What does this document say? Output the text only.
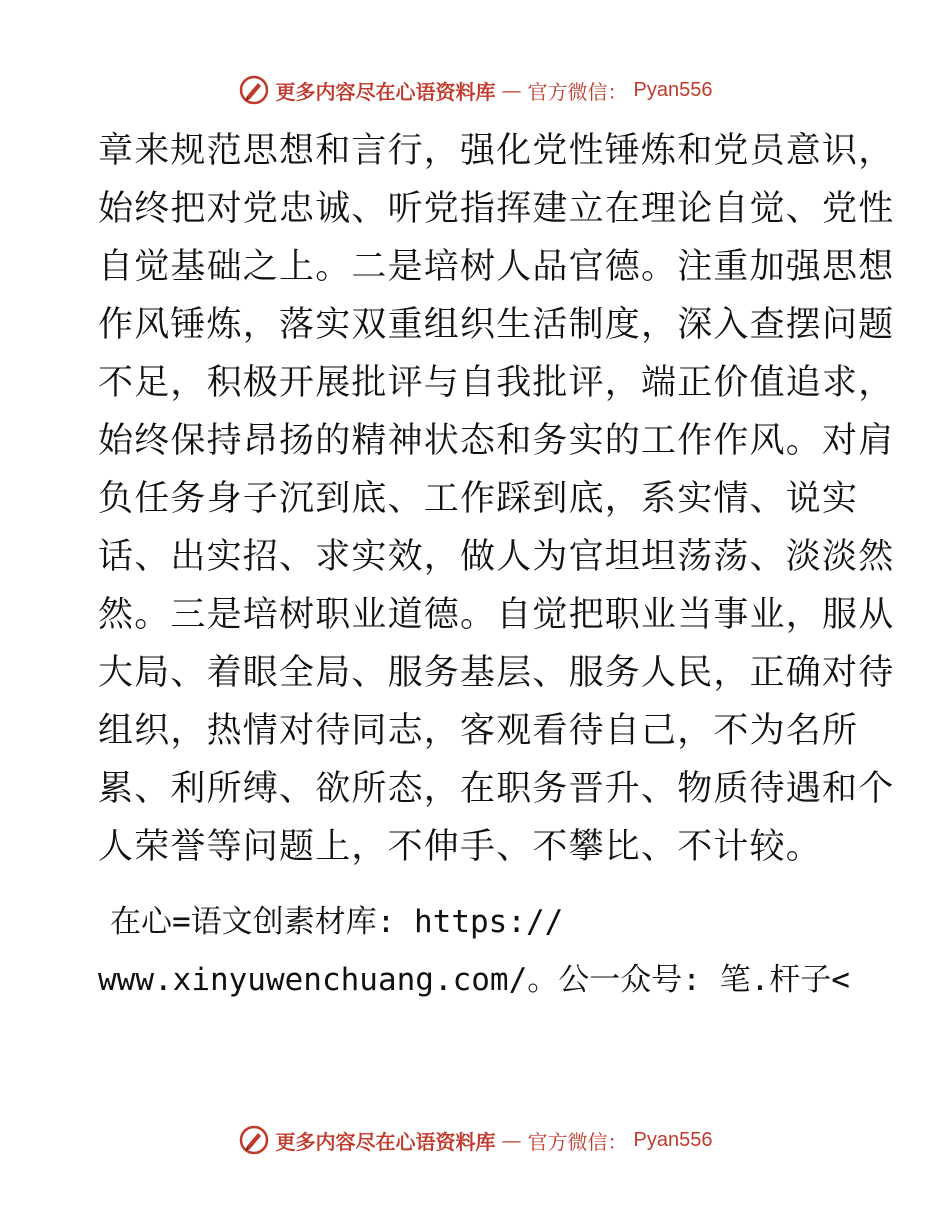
更多内容尽在心语资料库 — 官方微信： Pyan556
章来规范思想和言行，强化党性锤炼和党员意识，
始终把对党忠诚、听党指挥建立在理论自觉、党性
自觉基础之上。二是培树人品官德。注重加强思想
作风锤炼，落实双重组织生活制度，深入查摆问题
不足，积极开展批评与自我批评，端正价值追求，
始终保持昂扬的精神状态和务实的工作作风。对肩
负任务身子沉到底、工作踩到底，系实情、说实
话、出实招、求实效，做人为官坦坦荡荡、淡淡然
然。三是培树职业道德。自觉把职业当事业，服从
大局、着眼全局、服务基层、服务人民，正确对待
组织，热情对待同志，客观看待自己，不为名所
累、利所缚、欲所态，在职务晋升、物质待遇和个
人荣誉等问题上，不伸手、不攀比、不计较。
在心=语文创素材库: https://
www.xinyuwenchuang.com/。公一众号: 笔.杆子<
更多内容尽在心语资料库 — 官方微信： Pyan556
